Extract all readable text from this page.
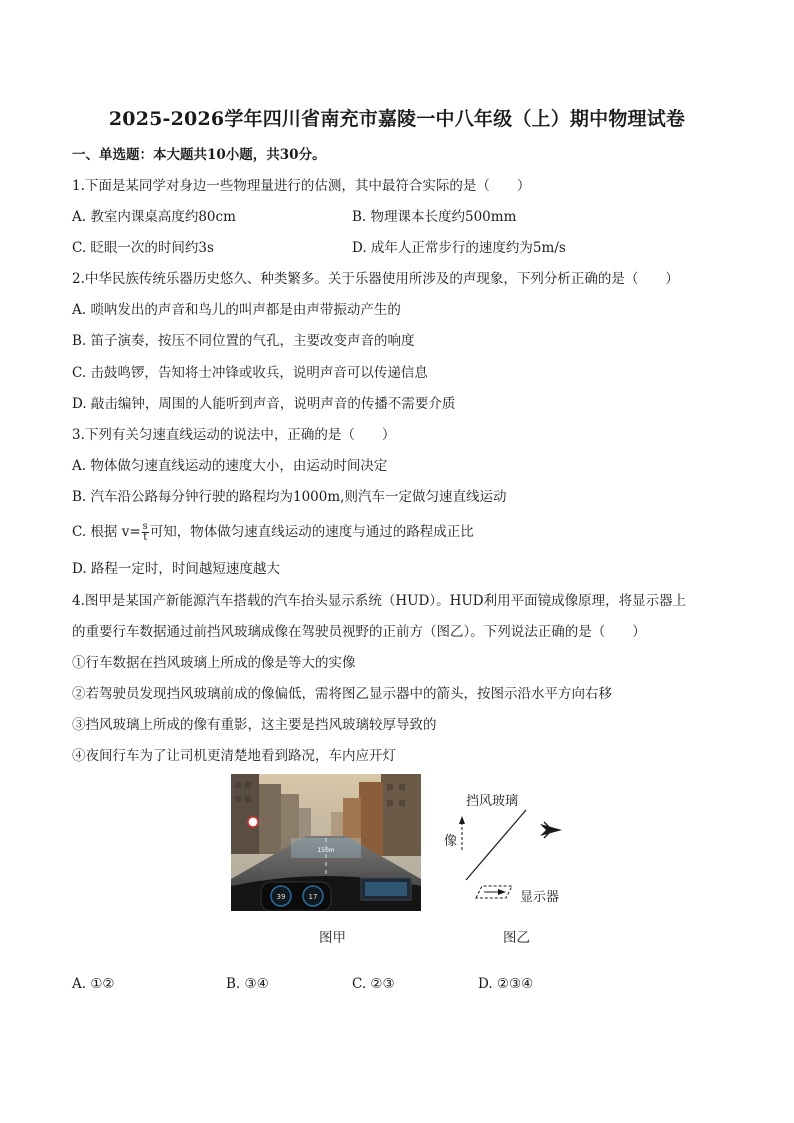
2025-2026学年四川省南充市嘉陵一中八年级（上）期中物理试卷
一、单选题：本大题共10小题，共30分。
1.下面是某同学对身边一些物理量进行的估测，其中最符合实际的是（　　）
A. 教室内课桌高度约80cm	B. 物理课本长度约500mm
C. 眨眼一次的时间约3s	D. 成年人正常步行的速度约为5m/s
2.中华民族传统乐器历史悠久、种类繁多。关于乐器使用所涉及的声现象，下列分析正确的是（　　）
A. 唢呐发出的声音和鸟儿的叫声都是由声带振动产生的
B. 笛子演奏，按压不同位置的气孔，主要改变声音的响度
C. 击鼓鸣锣，告知将士冲锋或收兵，说明声音可以传递信息
D. 敲击编钟，周围的人能听到声音，说明声音的传播不需要介质
3.下列有关匀速直线运动的说法中，正确的是（　　）
A. 物体做匀速直线运动的速度大小，由运动时间决定
B. 汽车沿公路每分钟行驶的路程均为1000m,则汽车一定做匀速直线运动
C. 根据 $v= \frac{s}{t}$ 可知，物体做匀速直线运动的速度与通过的路程成正比
D. 路程一定时，时间越短速度越大
4.图甲是某国产新能源汽车搭载的汽车抬头显示系统（HUD）。HUD利用平面镜成像原理，将显示器上
的重要行车数据通过前挡风玻璃成像在驾驶员视野的正前方（图乙）。下列说法正确的是（　　）
①行车数据在挡风玻璃上所成的像是等大的实像
②若驾驶员发现挡风玻璃前成的像偏低，需将图乙显示器中的箭头，按图示沿水平方向右移
③挡风玻璃上所成的像有重影，这主要是挡风玻璃较厚导致的
④夜间行车为了让司机更清楚地看到路况，车内应开灯
150m
39	17
图甲
挡风玻璃
像
显示器
图乙
A. ①②	B. ③④	C. ②③	D. ②③④
